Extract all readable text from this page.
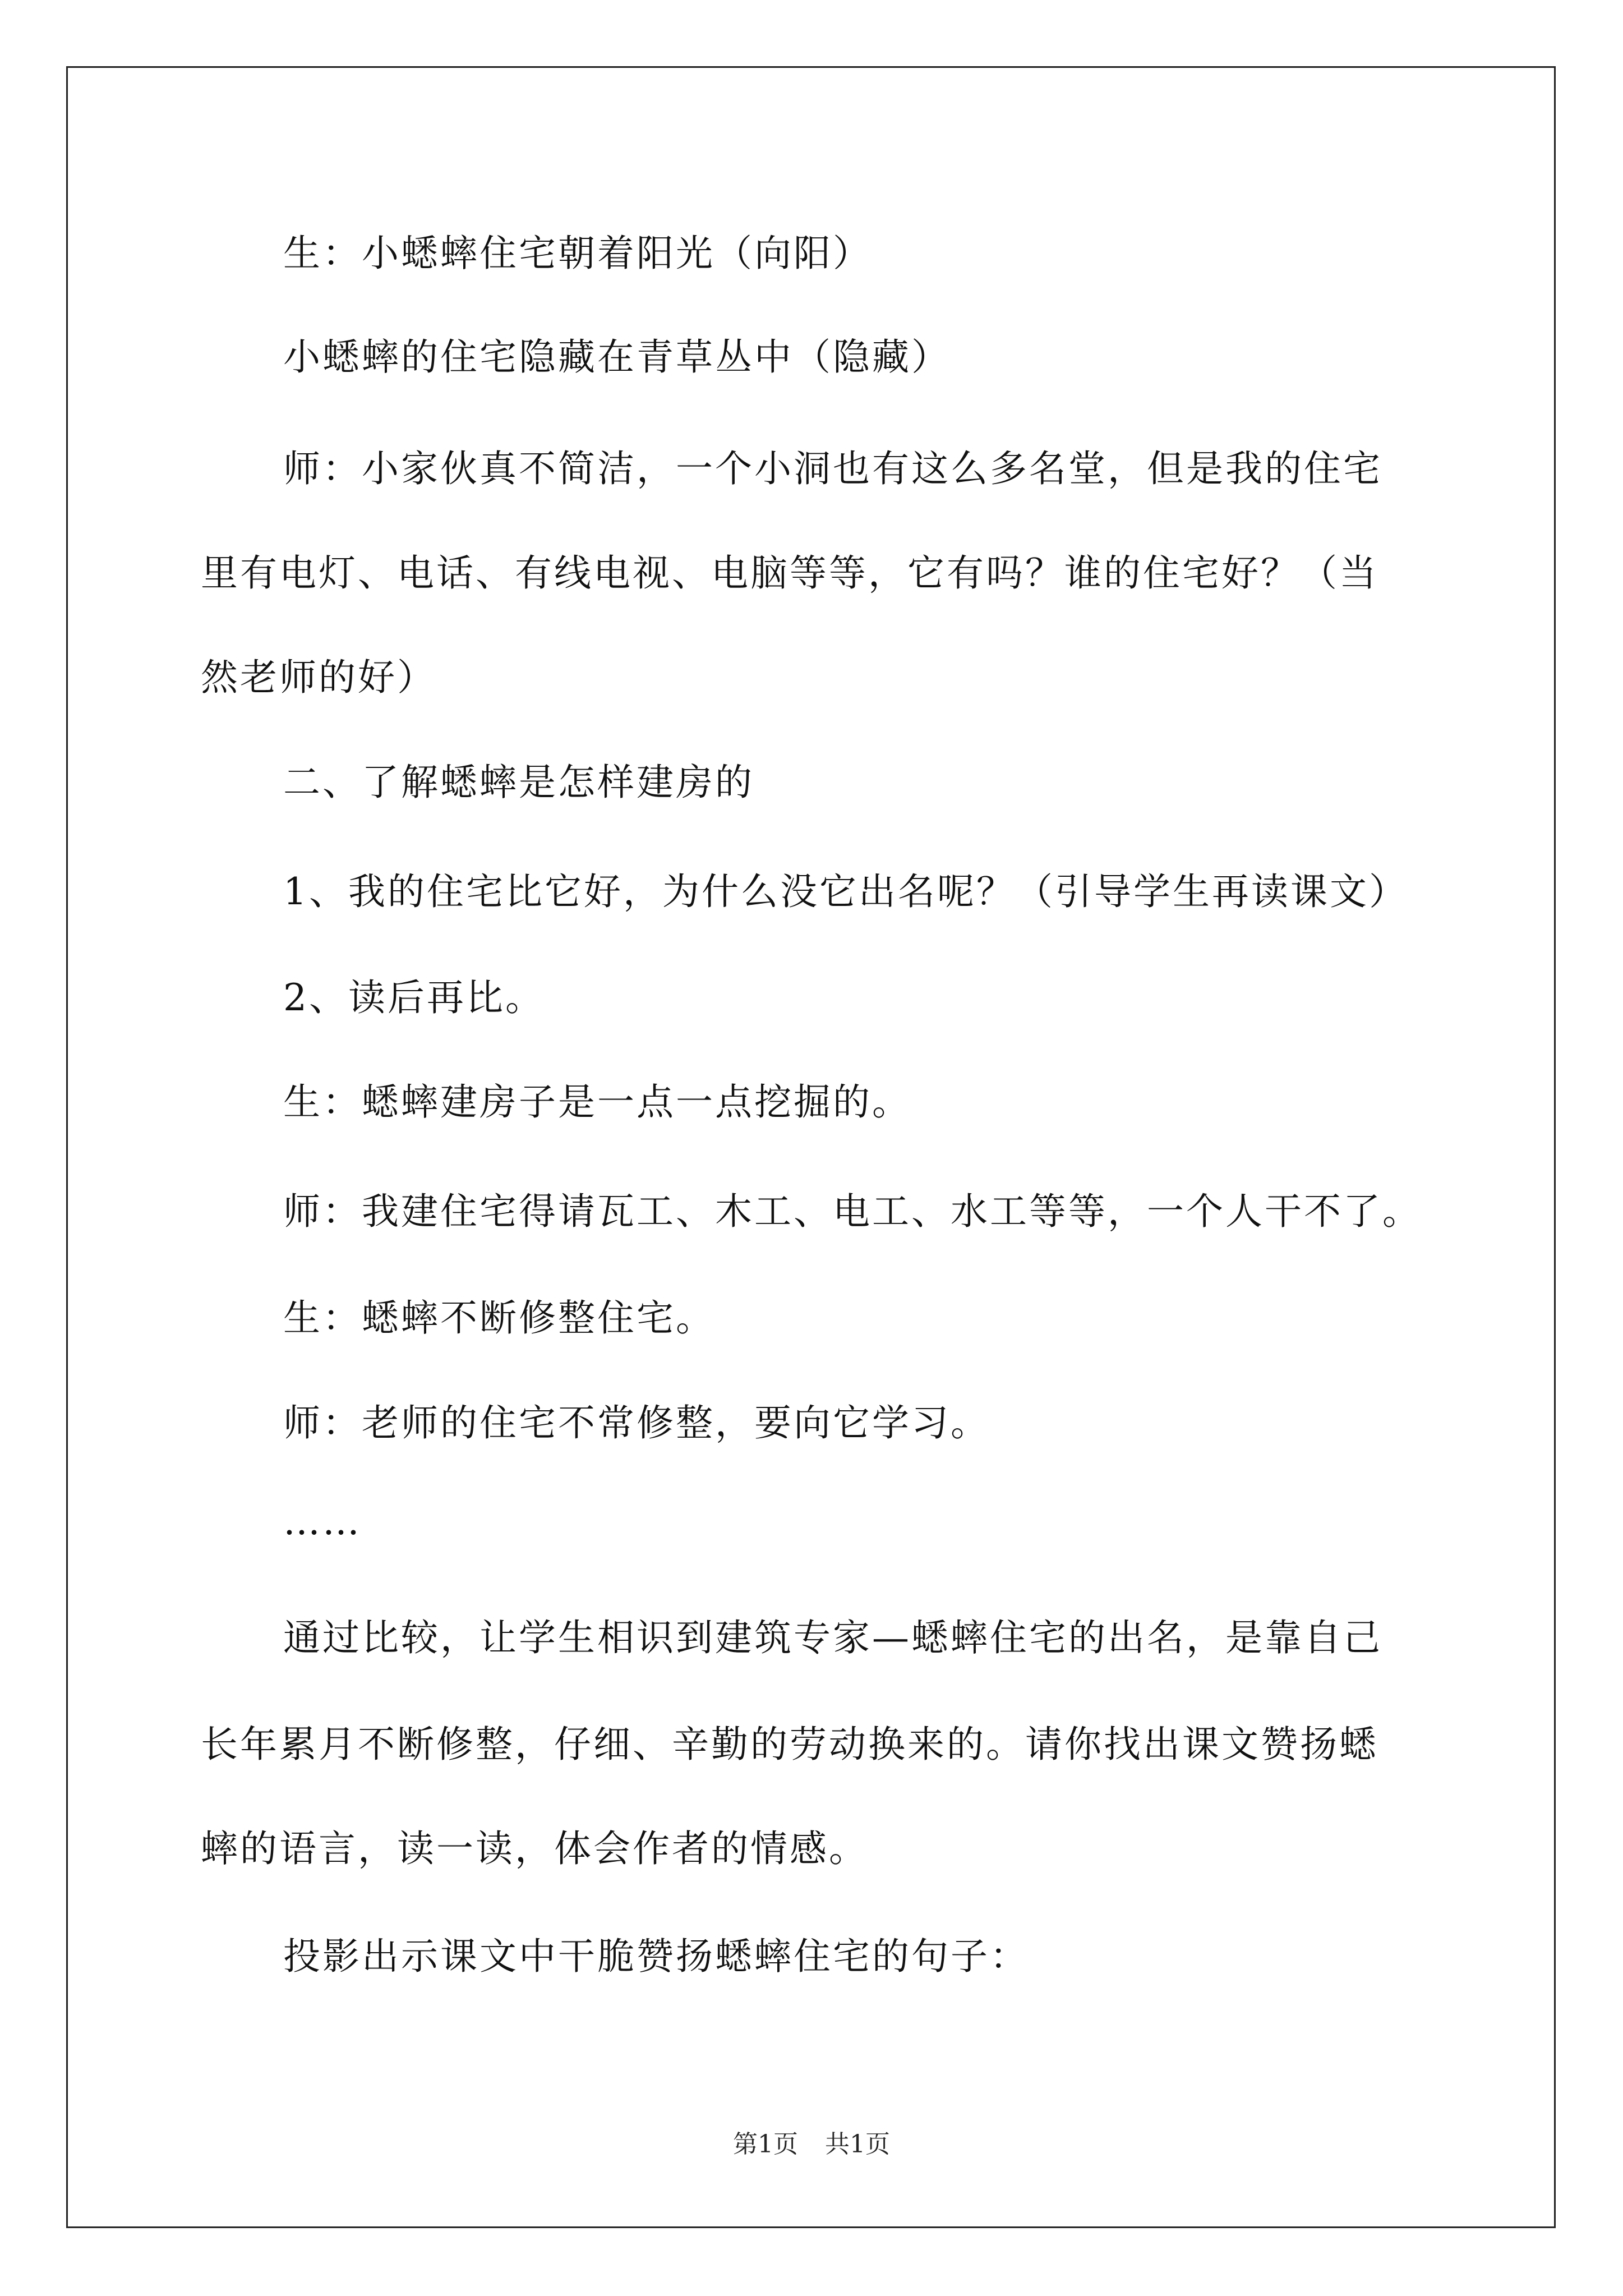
生：小蟋蟀住宅朝着阳光（向阳）
小蟋蟀的住宅隐藏在青草丛中（隐藏）
师：小家伙真不简洁，一个小洞也有这么多名堂，但是我的住宅
里有电灯、电话、有线电视、电脑等等，它有吗？谁的住宅好？（当
然老师的好）
二、了解蟋蟀是怎样建房的
1、我的住宅比它好，为什么没它出名呢？（引导学生再读课文）
2、读后再比。
生：蟋蟀建房子是一点一点挖掘的。
师：我建住宅得请瓦工、木工、电工、水工等等，一个人干不了。
生：蟋蟀不断修整住宅。
师：老师的住宅不常修整，要向它学习。
……
通过比较，让学生相识到建筑专家—蟋蟀住宅的出名，是靠自己
长年累月不断修整，仔细、辛勤的劳动换来的。请你找出课文赞扬蟋
蟀的语言，读一读，体会作者的情感。
投影出示课文中干脆赞扬蟋蟀住宅的句子：
第1页 共1页
